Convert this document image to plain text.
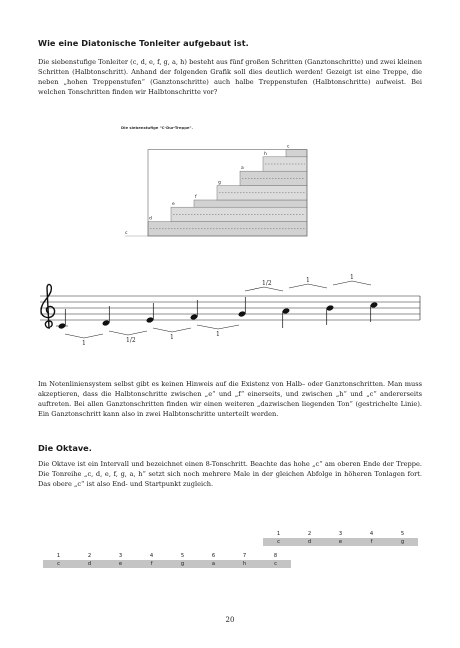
Wie eine Diatonische Tonleiter aufgebaut ist.

Die siebenstufige Tonleiter (c, d, e, f, g, a, h) besteht aus fünf großen Schritten (Ganztonschritte) und zwei kleinen Schritten (Halbtonschritt). Anhand der folgenden Grafik soll dies deutlich werden! Gezeigt ist eine Treppe, die neben „hohen Treppenstufen“ (Ganztonschritte) auch halbe Treppenstufen (Halbtonschritte) aufweist. Bei welchen Tonschritten finden wir Halbtonschritte vor?

Die siebenstufige "C-Dur-Treppe".
c
d
e
f
g
a
h
c
1	1/2	1	1
1/2	1	1

Im Notenliniensystem selbst gibt es keinen Hinweis auf die Existenz von Halb– oder Ganztonschritten. Man muss akzeptieren, dass die Halbtonschritte zwischen „e“ und „f“ einerseits, und zwischen „h“ und „c“ andererseits auftreten. Bei allen Ganztonschritten finden wir einen weiteren „dazwischen liegenden Ton“ (gestrichelte Linie). Ein Ganztonschritt kann also in zwei Halbtonschritte unterteilt werden.

Die Oktave.

Die Oktave ist ein Intervall und bezeichnet einen 8-Tonschritt. Beachte das hohe „c“ am oberen Ende der Treppe. Die Tonreihe „c, d, e, f, g, a, h“ setzt sich noch mehrere Male in der gleichen Abfolge in höheren Tonlagen fort. Das obere „c“ ist also End- und Startpunkt zugleich.

1	2	3	4	5
c	d	e	f	g
1	2	3	4	5	6	7	8
c	d	e	f	g	a	h	c
20
